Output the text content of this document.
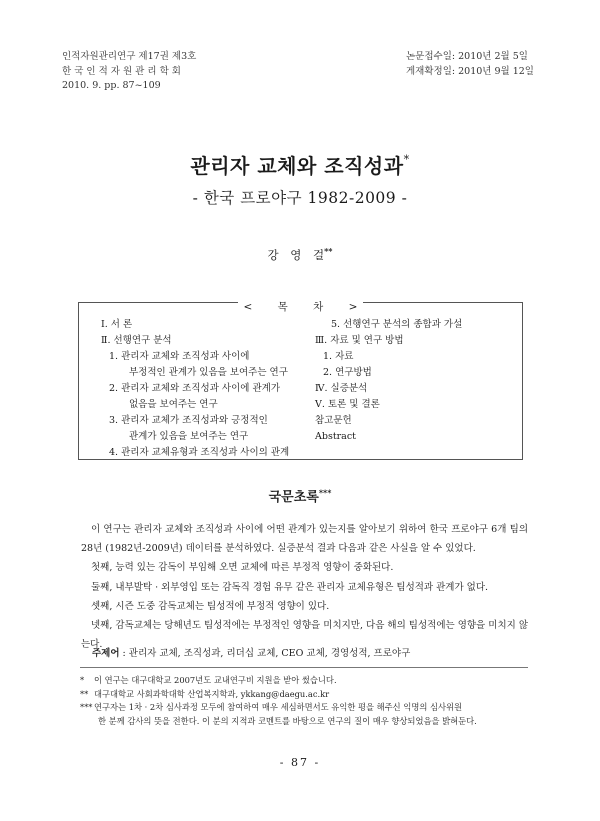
인적자원관리연구 제17권 제3호
한 국 인 적 자 원 관 리 학 회
2010. 9. pp. 87~109
논문접수일: 2010년 2월 5일
게재확정일: 2010년 9월 12일
관리자 교체와 조직성과*
- 한국 프로야구 1982-2009 -
강 영 걸**
< 목 차 >
Ⅰ. 서 론
Ⅱ. 선행연구 분석
1. 관리자 교체와 조직성과 사이에
부정적인 관계가 있음을 보여주는 연구
2. 관리자 교체와 조직성과 사이에 관계가
없음을 보여주는 연구
3. 관리자 교체가 조직성과와 긍정적인
관계가 있음을 보여주는 연구
4. 관리자 교체유형과 조직성과 사이의 관계
5. 선행연구 분석의 종합과 가설
Ⅲ. 자료 및 연구 방법
1. 자료
2. 연구방법
Ⅳ. 실증분석
Ⅴ. 토론 및 결론
참고문헌
Abstract
국문초록***

이 연구는 관리자 교체와 조직성과 사이에 어떤 관계가 있는지를 알아보기 위하여 한국 프로야구 6개 팀의 28년 (1982년-2009년) 데이터를 분석하였다. 실증분석 결과 다음과 같은 사실을 알 수 있었다.

첫째, 능력 있는 감독이 부임해 오면 교체에 따른 부정적 영향이 중화된다.

둘째, 내부발탁 · 외부영입 또는 감독직 경험 유무 같은 관리자 교체유형은 팀성적과 관계가 없다.

셋째, 시즌 도중 감독교체는 팀성적에 부정적 영향이 있다.

넷째, 감독교체는 당해년도 팀성적에는 부정적인 영향을 미치지만, 다음 해의 팀성적에는 영향을 미치지 않는다.

주제어 : 관리자 교체, 조직성과, 리더십 교체, CEO 교체, 경영성적, 프로야구
* 이 연구는 대구대학교 2007년도 교내연구비 지원을 받아 썼습니다.
** 대구대학교 사회과학대학 산업복지학과, ykkang@daegu.ac.kr
*** 연구자는 1차 · 2차 심사과정 모두에 참여하여 매우 세심하면서도 유익한 평을 해주신 익명의 심사위원
한 분께 감사의 뜻을 전한다. 이 분의 지적과 코멘트를 바탕으로 연구의 질이 매우 향상되었음을 밝혀둔다.
- 87 -
